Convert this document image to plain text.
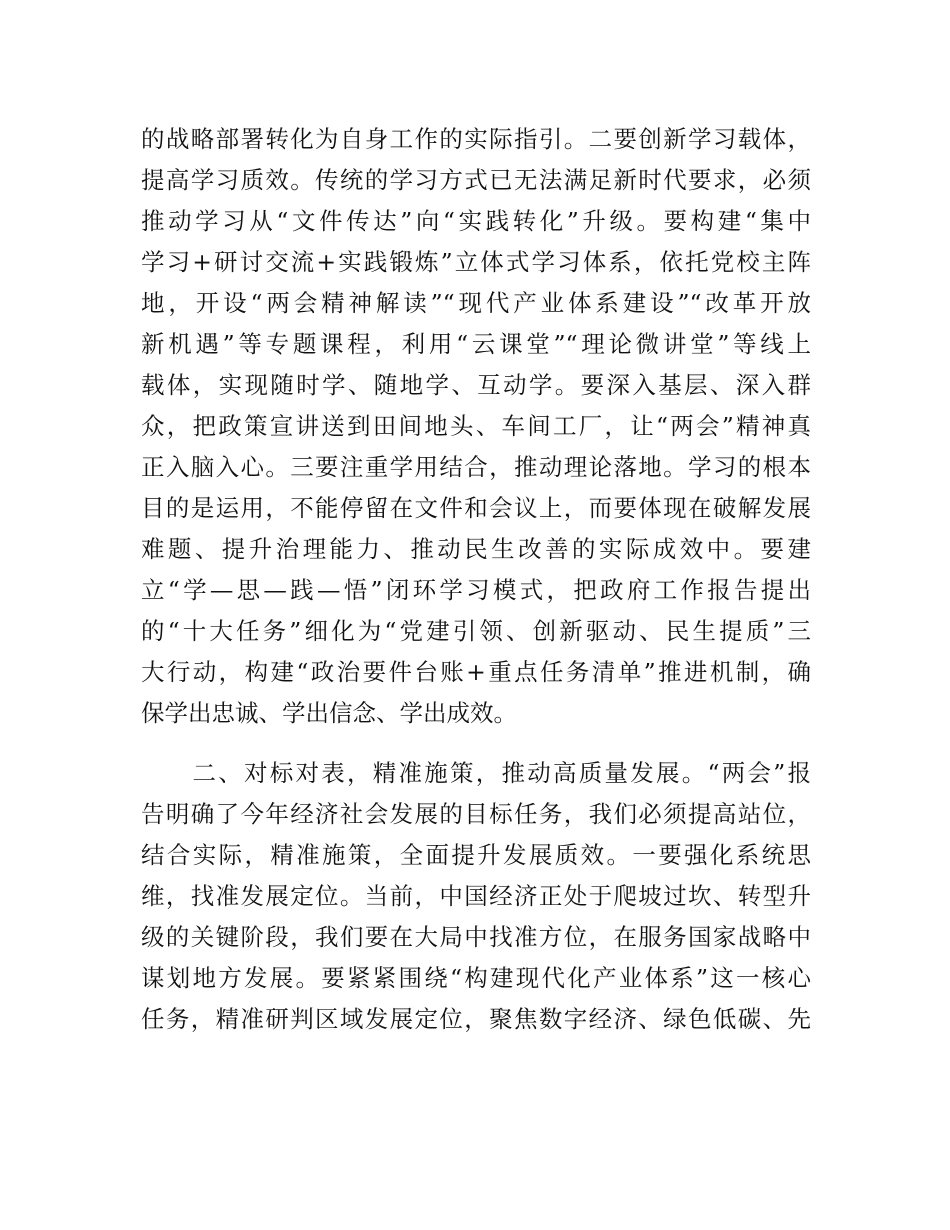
的战略部署转化为自身工作的实际指引。二要创新学习载体，
提高学习质效。传统的学习方式已无法满足新时代要求，必须
推动学习从“文件传达”向“实践转化”升级。要构建“集中
学习+研讨交流+实践锻炼”立体式学习体系，依托党校主阵
地，开设“两会精神解读”“现代产业体系建设”“改革开放
新机遇”等专题课程，利用“云课堂”“理论微讲堂”等线上
载体，实现随时学、随地学、互动学。要深入基层、深入群
众，把政策宣讲送到田间地头、车间工厂，让“两会”精神真
正入脑入心。三要注重学用结合，推动理论落地。学习的根本
目的是运用，不能停留在文件和会议上，而要体现在破解发展
难题、提升治理能力、推动民生改善的实际成效中。要建
立“学—思—践—悟”闭环学习模式，把政府工作报告提出
的“十大任务”细化为“党建引领、创新驱动、民生提质”三
大行动，构建“政治要件台账+重点任务清单”推进机制，确
保学出忠诚、学出信念、学出成效。
　　二、对标对表，精准施策，推动高质量发展。“两会”报
告明确了今年经济社会发展的目标任务，我们必须提高站位，
结合实际，精准施策，全面提升发展质效。一要强化系统思
维，找准发展定位。当前，中国经济正处于爬坡过坎、转型升
级的关键阶段，我们要在大局中找准方位，在服务国家战略中
谋划地方发展。要紧紧围绕“构建现代化产业体系”这一核心
任务，精准研判区域发展定位，聚焦数字经济、绿色低碳、先
